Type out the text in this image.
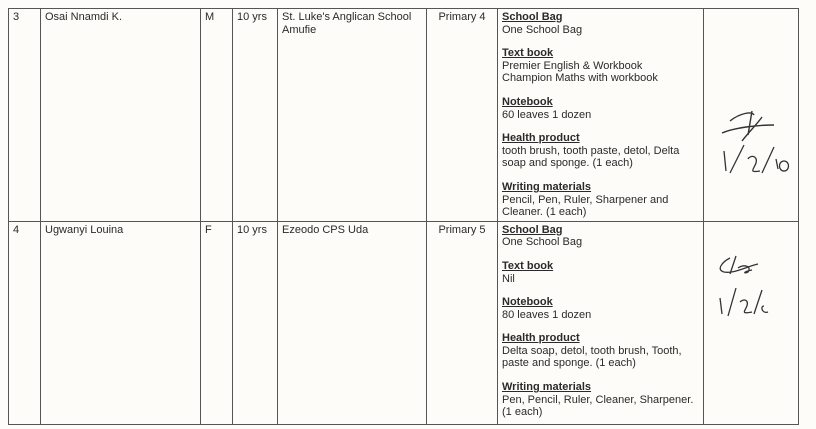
3	Osai Nnamdi K.	M	10 yrs	St. Luke's Anglican School Amufie	Primary 4	School Bag
One School Bag
Text book
Premier English & Workbook
Champion Maths with workbook
Notebook
60 leaves 1 dozen
Health product
tooth brush, tooth paste, detol, Delta soap and sponge. (1 each)
Writing materials
Pencil, Pen, Ruler, Sharpener and Cleaner. (1 each)

4	Ugwanyi Louina	F	10 yrs	Ezeodo CPS Uda	Primary 5	School Bag
One School Bag
Text book
Nil
Notebook
80 leaves 1 dozen
Health product
Delta soap, detol, tooth brush, Tooth, paste and sponge. (1 each)
Writing materials
Pen, Pencil, Ruler, Cleaner, Sharpener. (1 each)
